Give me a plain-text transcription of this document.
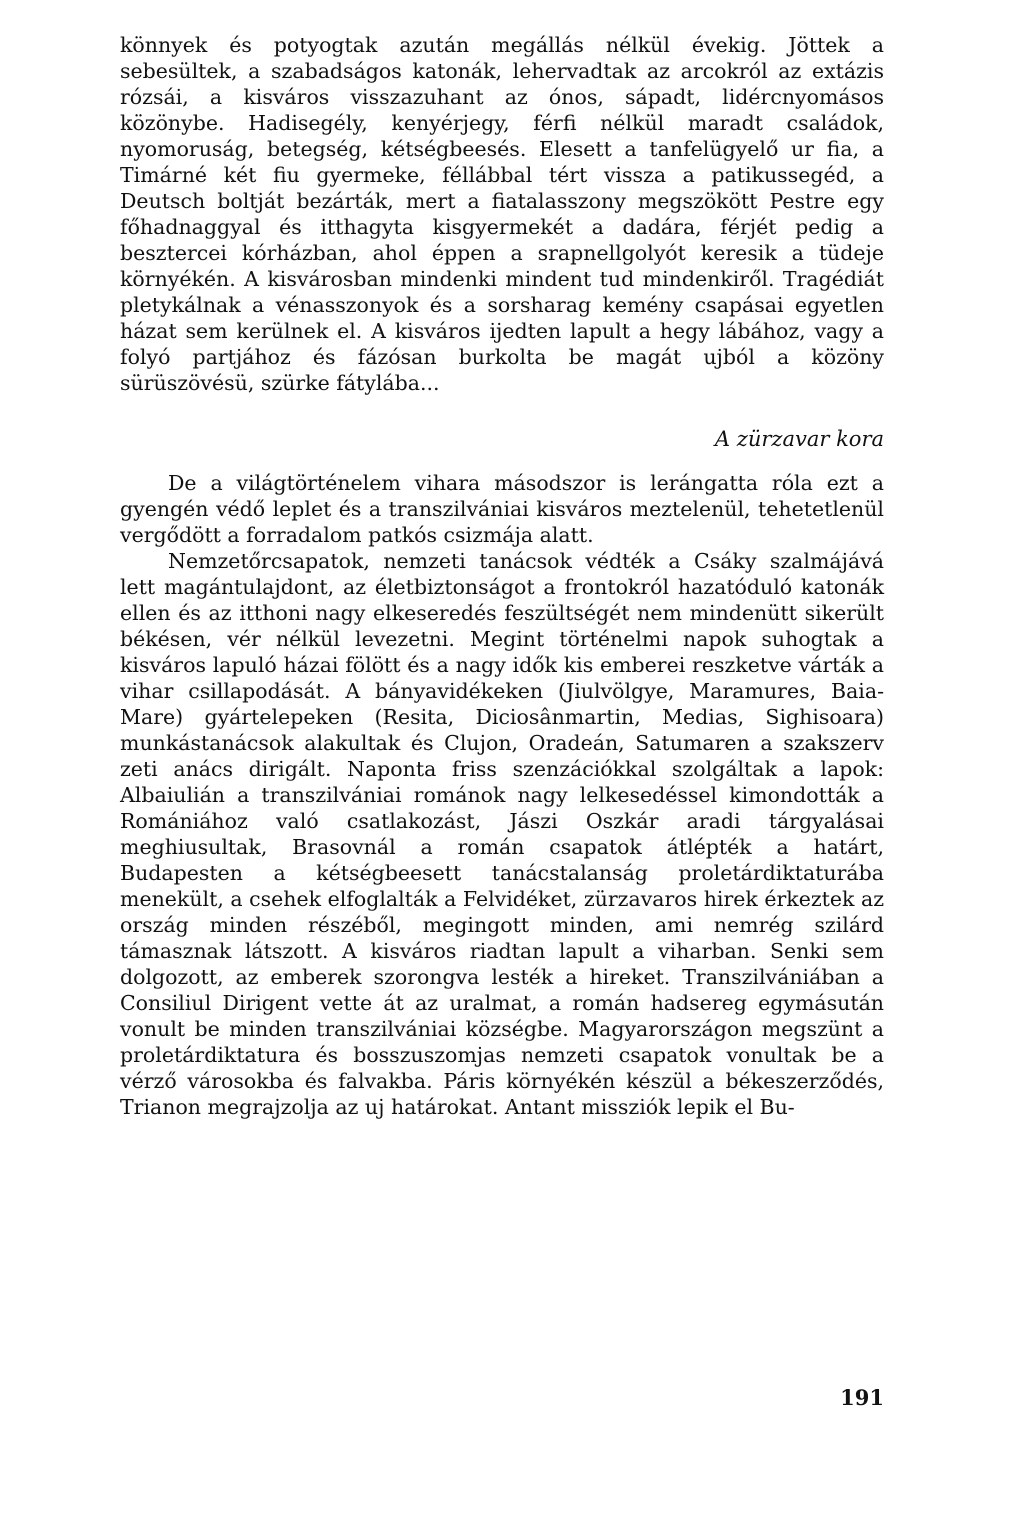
könnyek és potyogtak azután megállás nélkül évekig. Jöttek a sebesültek, a szabadságos katonák, lehervadtak az arcokról az extázis rózsái, a kisváros visszazuhant az ónos, sápadt, lidércnyomásos közönybe. Hadisegély, kenyérjegy, férfi nélkül maradt családok, nyomoruság, betegség, kétségbeesés. Elesett a tanfelügyelő ur fia, a Timárné két fiu gyermeke, féllábbal tért vissza a patikussegéd, a Deutsch boltját bezárták, mert a fiatalasszony megszökött Pestre egy főhadnaggyal és itthagyta kisgyermekét a dadára, férjét pedig a besztercei kórházban, ahol éppen a srapnellgolyót keresik a tüdeje környékén. A kisvárosban mindenki mindent tud mindenkiről. Tragédiát pletykálnak a vénasszonyok és a sorsharag kemény csapásai egyetlen házat sem kerülnek el. A kisváros ijedten lapult a hegy lábához, vagy a folyó partjához és fázósan burkolta be magát ujból a közöny sürüszövésü, szürke fátylába...

A zürzavar kora

De a világtörténelem vihara másodszor is lerángatta róla ezt a gyengén védő leplet és a transzilvániai kisváros meztelenül, tehetetlenül vergődött a forradalom patkós csizmája alatt.

Nemzetőrcsapatok, nemzeti tanácsok védték a Csáky szalmájává lett magántulajdont, az életbiztonságot a frontokról hazatóduló katonák ellen és az itthoni nagy elkeseredés feszültségét nem mindenütt sikerült békésen, vér nélkül levezetni. Megint történelmi napok suhogtak a kisváros lapuló házai fölött és a nagy idők kis emberei reszketve várták a vihar csillapodását. A bányavidékeken (Jiulvölgye, Maramures, Baia-Mare) gyártelepeken (Resita, Diciosânmartin, Medias, Sighisoara) munkástanácsok alakultak és Clujon, Oradeán, Satumaren a szakszerv zeti anács dirigált. Naponta friss szenzációkkal szolgáltak a lapok: Albaiulián a transzilvániai románok nagy lelkesedéssel kimondották a Romániához való csatlakozást, Jászi Oszkár aradi tárgyalásai meghiusultak, Brasovnál a román csapatok átlépték a határt, Budapesten a kétségbeesett tanácstalanság proletárdiktaturába menekült, a csehek elfoglalták a Felvidéket, zürzavaros hirek érkeztek az ország minden részéből, megingott minden, ami nemrég szilárd támasznak látszott. A kisváros riadtan lapult a viharban. Senki sem dolgozott, az emberek szorongva lesték a hireket. Transzilvániában a Consiliul Dirigent vette át az uralmat, a román hadsereg egymásután vonult be minden transzilvániai községbe. Magyarországon megszünt a proletárdiktatura és bosszuszomjas nemzeti csapatok vonultak be a vérző városokba és falvakba. Páris környékén készül a békeszerződés, Trianon megrajzolja az uj határokat. Antant missziók lepik el Bu-

191
